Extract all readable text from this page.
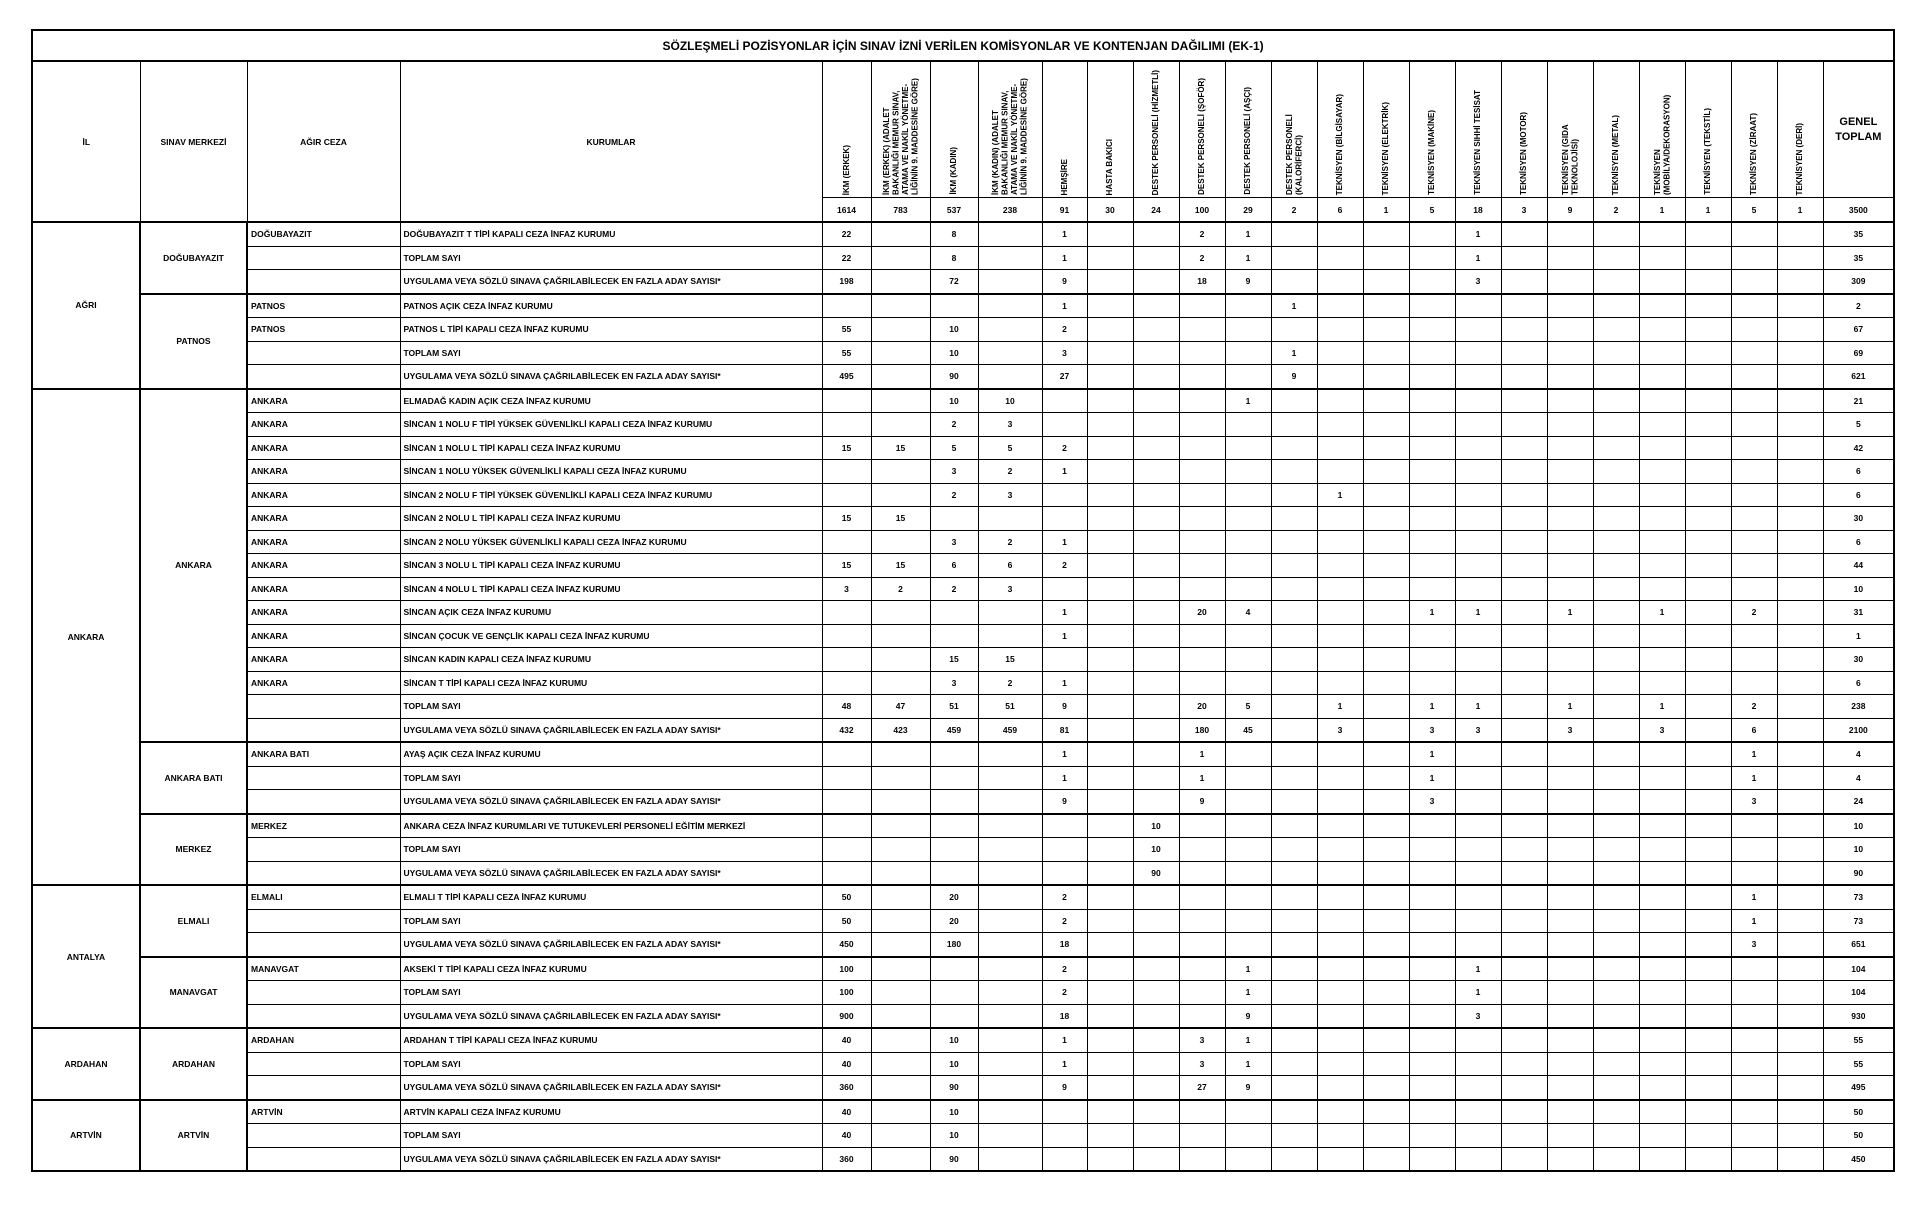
SÖZLEŞMELİ POZİSYONLAR İÇİN SINAV İZNİ VERİLEN KOMİSYONLAR VE KONTENJAN DAĞILIMI (EK-1)																									
İL	SINAV MERKEZİ	AĞIR CEZA	KURUMLAR	İKM (ERKEK)	İKM (ERKEK) (ADALET BAKANLIĞI MEMUR SINAV, ATAMA VE NAKİL YÖNETME-LİĞİNİN 9. MADDESİNE GÖRE)	İKM (KADIN)	İKM (KADIN) (ADALET BAKANLIĞI MEMUR SINAV, ATAMA VE NAKİL YÖNETME-LİĞİNİN 9. MADDESİNE GÖRE)	HEMŞİRE	HASTA BAKICI	DESTEK PERSONELİ (HİZMETLİ)	DESTEK PERSONELİ (ŞOFÖR)	DESTEK PERSONELİ (AŞÇI)	DESTEK PERSONELİ (KALORİFERCİ)	TEKNİSYEN (BİLGİSAYAR)	TEKNİSYEN (ELEKTRİK)	TEKNİSYEN (MAKİNE)	TEKNİSYEN SIHHİ TESİSAT	TEKNİSYEN (MOTOR)	TEKNİSYEN (GIDA TEKNOLOJİSİ)	TEKNİSYEN (METAL)	TEKNİSYEN (MOBİLYA/DEKORASYON)	TEKNİSYEN (TEKSTİL)	TEKNİSYEN (ZİRAAT)	TEKNİSYEN (DERİ)	GENEL TOPLAM
				1614	783	537	238	91	30	24	100	29	2	6	1	5	18	3	9	2	1	1	5	1	3500
AĞRI	DOĞUBAYAZIT	DOĞUBAYAZIT	DOĞUBAYAZIT T TİPİ KAPALI CEZA İNFAZ KURUMU	22		8		1			2	1					1								35
			TOPLAM SAYI	22		8		1			2	1					1								35
			UYGULAMA VEYA SÖZLÜ SINAVA ÇAĞRILABİLECEK EN FAZLA ADAY SAYISI*	198		72		9			18	9					3								309
	PATNOS	PATNOS	PATNOS AÇIK CEZA İNFAZ KURUMU					1					1												2
		PATNOS	PATNOS L TİPİ KAPALI CEZA İNFAZ KURUMU	55		10		2																	67
			TOPLAM SAYI	55		10		3					1												69
			UYGULAMA VEYA SÖZLÜ SINAVA ÇAĞRILABİLECEK EN FAZLA ADAY SAYISI*	495		90		27					9												621
ANKARA	ANKARA	ANKARA	ELMADAĞ KADIN AÇIK CEZA İNFAZ KURUMU			10	10					1													21
		ANKARA	SİNCAN 1 NOLU F TİPİ YÜKSEK GÜVENLİKLİ KAPALI CEZA İNFAZ KURUMU			2	3																		5
		ANKARA	SİNCAN 1 NOLU L TİPİ KAPALI CEZA İNFAZ KURUMU	15	15	5	5	2																	42
		ANKARA	SİNCAN 1 NOLU YÜKSEK GÜVENLİKLİ KAPALI CEZA İNFAZ KURUMU			3	2	1																	6
		ANKARA	SİNCAN 2 NOLU F TİPİ YÜKSEK GÜVENLİKLİ KAPALI CEZA İNFAZ KURUMU			2	3							1											6
		ANKARA	SİNCAN 2 NOLU L TİPİ KAPALI CEZA İNFAZ KURUMU	15	15																				30
		ANKARA	SİNCAN 2 NOLU YÜKSEK GÜVENLİKLİ KAPALI CEZA İNFAZ KURUMU			3	2	1																	6
		ANKARA	SİNCAN 3 NOLU L TİPİ KAPALI CEZA İNFAZ KURUMU	15	15	6	6	2																	44
		ANKARA	SİNCAN 4 NOLU L TİPİ KAPALI CEZA İNFAZ KURUMU	3	2	2	3																		10
		ANKARA	SİNCAN AÇIK CEZA İNFAZ KURUMU					1			20	4				1	1		1		1		2		31
		ANKARA	SİNCAN ÇOCUK VE GENÇLİK KAPALI CEZA İNFAZ KURUMU					1																	1
		ANKARA	SİNCAN KADIN KAPALI CEZA İNFAZ KURUMU			15	15																		30
		ANKARA	SİNCAN T TİPİ KAPALI CEZA İNFAZ KURUMU			3	2	1																	6
			TOPLAM SAYI	48	47	51	51	9			20	5		1		1	1		1		1		2		238
			UYGULAMA VEYA SÖZLÜ SINAVA ÇAĞRILABİLECEK EN FAZLA ADAY SAYISI*	432	423	459	459	81			180	45		3		3	3		3		3		6		2100
	ANKARA BATI	ANKARA BATI	AYAŞ AÇIK CEZA İNFAZ KURUMU					1			1					1							1		4
			TOPLAM SAYI					1			1					1							1		4
			UYGULAMA VEYA SÖZLÜ SINAVA ÇAĞRILABİLECEK EN FAZLA ADAY SAYISI*					9			9					3							3		24
	MERKEZ	MERKEZ	ANKARA CEZA İNFAZ KURUMLARI VE TUTUKEVLERİ PERSONELİ EĞİTİM MERKEZİ							10															10
			TOPLAM SAYI							10															10
			UYGULAMA VEYA SÖZLÜ SINAVA ÇAĞRILABİLECEK EN FAZLA ADAY SAYISI*							90															90
ANTALYA	ELMALI	ELMALI	ELMALI T TİPİ KAPALI CEZA İNFAZ KURUMU	50		20		2															1		73
			TOPLAM SAYI	50		20		2															1		73
			UYGULAMA VEYA SÖZLÜ SINAVA ÇAĞRILABİLECEK EN FAZLA ADAY SAYISI*	450		180		18															3		651
	MANAVGAT	MANAVGAT	AKSEKİ T TİPİ KAPALI CEZA İNFAZ KURUMU	100				2				1					1								104
			TOPLAM SAYI	100				2				1					1								104
			UYGULAMA VEYA SÖZLÜ SINAVA ÇAĞRILABİLECEK EN FAZLA ADAY SAYISI*	900				18				9					3								930
ARDAHAN	ARDAHAN	ARDAHAN	ARDAHAN T TİPİ KAPALI CEZA İNFAZ KURUMU	40		10		1			3	1													55
			TOPLAM SAYI	40		10		1			3	1													55
			UYGULAMA VEYA SÖZLÜ SINAVA ÇAĞRILABİLECEK EN FAZLA ADAY SAYISI*	360		90		9			27	9													495
ARTVİN	ARTVİN	ARTVİN	ARTVİN KAPALI CEZA İNFAZ KURUMU	40		10																			50
			TOPLAM SAYI	40		10																			50
			UYGULAMA VEYA SÖZLÜ SINAVA ÇAĞRILABİLECEK EN FAZLA ADAY SAYISI*	360		90																			450
